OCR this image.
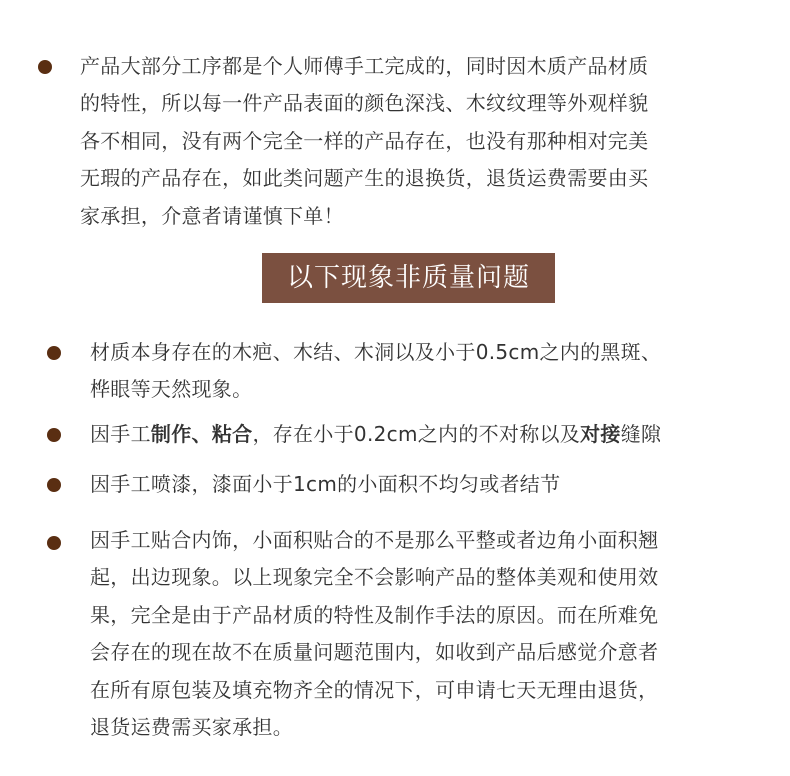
产品大部分工序都是个人师傅手工完成的，同时因木质产品材质
的特性，所以每一件产品表面的颜色深浅、木纹纹理等外观样貌
各不相同，没有两个完全一样的产品存在，也没有那种相对完美
无瑕的产品存在，如此类问题产生的退换货，退货运费需要由买
家承担，介意者请谨慎下单！
以下现象非质量问题
材质本身存在的木疤、木结、木洞以及小于0.5cm之内的黑斑、
桦眼等天然现象。
因手工制作、粘合，存在小于0.2cm之内的不对称以及对接缝隙
因手工喷漆，漆面小于1cm的小面积不均匀或者结节
因手工贴合内饰，小面积贴合的不是那么平整或者边角小面积翘
起，出边现象。以上现象完全不会影响产品的整体美观和使用效
果，完全是由于产品材质的特性及制作手法的原因。而在所难免
会存在的现在故不在质量问题范围内，如收到产品后感觉介意者
在所有原包装及填充物齐全的情况下，可申请七天无理由退货，
退货运费需买家承担。
